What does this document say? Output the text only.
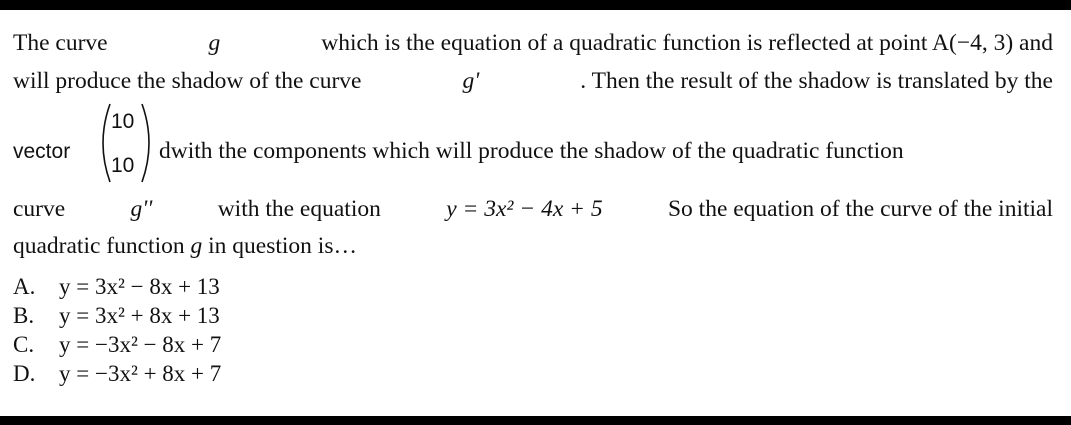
The curve	g	which is the equation of a quadratic function is reflected at point A(−4, 3) and
will produce the shadow of the curve	g'	. Then the result of the shadow is translated by the
vector
10
10
dwith the components which will produce the shadow of the quadratic function
curve	g''	with the equation	y = 3x² − 4x + 5	So the equation of the curve of the initial
quadratic function g in question is…
A. y = 3x² − 8x + 13
B. y = 3x² + 8x + 13
C. y = −3x² − 8x + 7
D. y = −3x² + 8x + 7
